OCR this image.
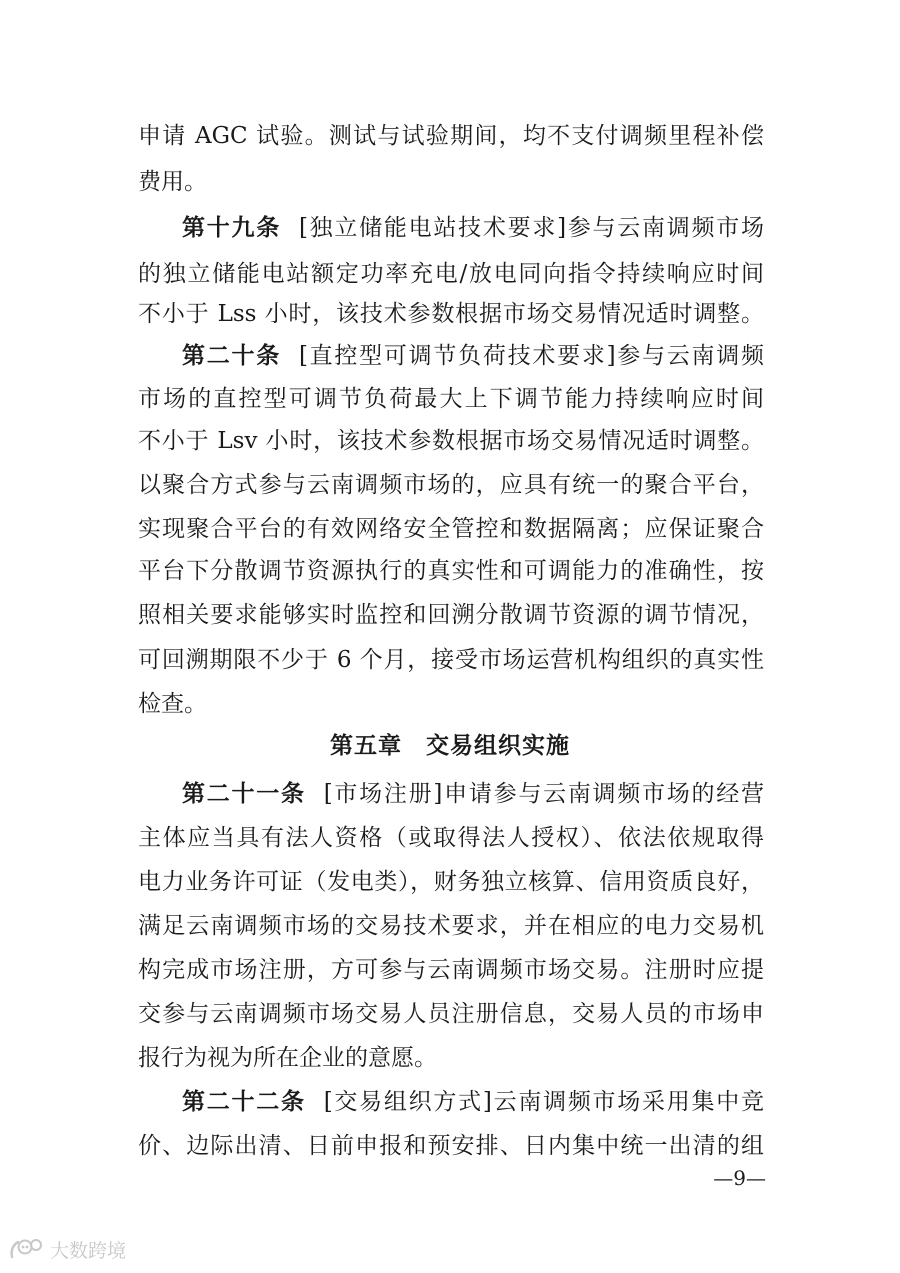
申请 AGC 试验。测试与试验期间，均不支付调频里程补偿
费用。
第十九条 [独立储能电站技术要求]参与云南调频市场
的独立储能电站额定功率充电/放电同向指令持续响应时间
不小于 Lss 小时，该技术参数根据市场交易情况适时调整。
第二十条 [直控型可调节负荷技术要求]参与云南调频
市场的直控型可调节负荷最大上下调节能力持续响应时间
不小于 Lsv 小时，该技术参数根据市场交易情况适时调整。
以聚合方式参与云南调频市场的，应具有统一的聚合平台，
实现聚合平台的有效网络安全管控和数据隔离；应保证聚合
平台下分散调节资源执行的真实性和可调能力的准确性，按
照相关要求能够实时监控和回溯分散调节资源的调节情况，
可回溯期限不少于 6 个月，接受市场运营机构组织的真实性
检查。
第五章　交易组织实施
第二十一条 [市场注册]申请参与云南调频市场的经营
主体应当具有法人资格（或取得法人授权）、依法依规取得
电力业务许可证（发电类），财务独立核算、信用资质良好，
满足云南调频市场的交易技术要求，并在相应的电力交易机
构完成市场注册，方可参与云南调频市场交易。注册时应提
交参与云南调频市场交易人员注册信息，交易人员的市场申
报行为视为所在企业的意愿。
第二十二条 [交易组织方式]云南调频市场采用集中竞
价、边际出清、日前申报和预安排、日内集中统一出清的组
—9—
大数跨境
